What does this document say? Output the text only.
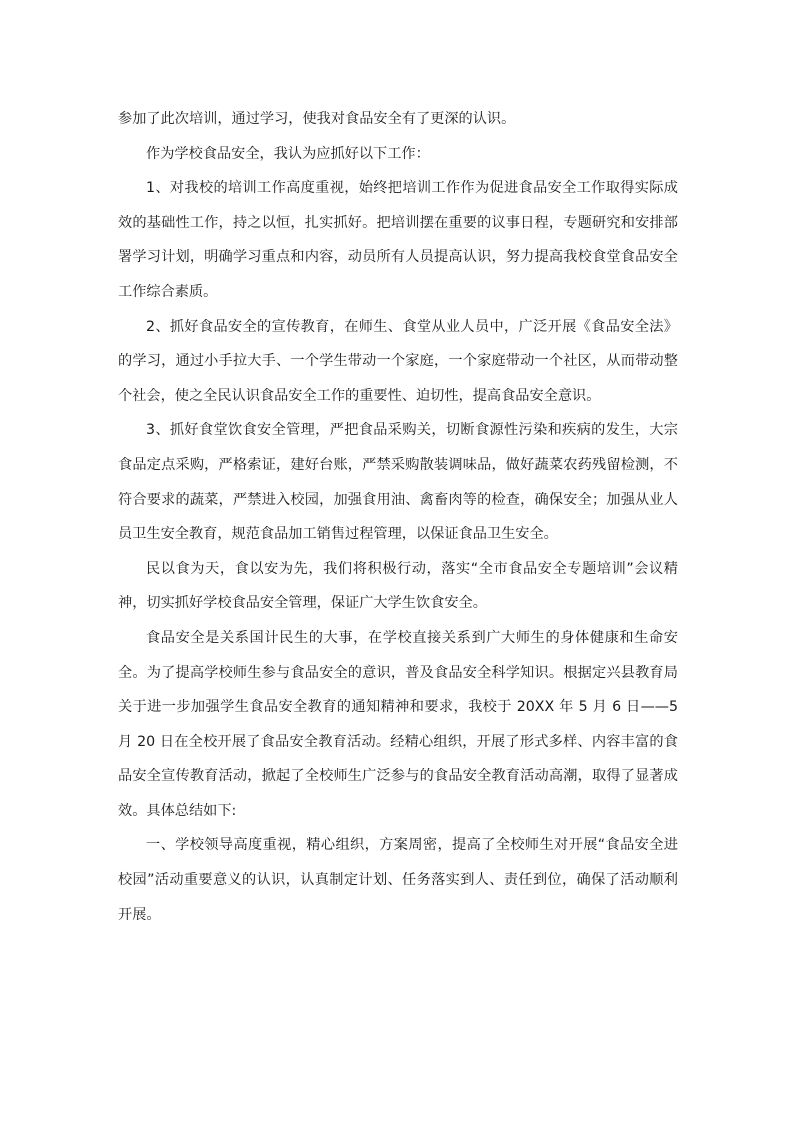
参加了此次培训，通过学习，使我对食品安全有了更深的认识。

作为学校食品安全，我认为应抓好以下工作：

1、对我校的培训工作高度重视，始终把培训工作作为促进食品安全工作取得实际成效的基础性工作，持之以恒，扎实抓好。把培训摆在重要的议事日程，专题研究和安排部署学习计划，明确学习重点和内容，动员所有人员提高认识，努力提高我校食堂食品安全工作综合素质。

2、抓好食品安全的宣传教育，在师生、食堂从业人员中，广泛开展《食品安全法》的学习，通过小手拉大手、一个学生带动一个家庭，一个家庭带动一个社区，从而带动整个社会，使之全民认识食品安全工作的重要性、迫切性，提高食品安全意识。

3、抓好食堂饮食安全管理，严把食品采购关，切断食源性污染和疾病的发生，大宗食品定点采购，严格索证，建好台账，严禁采购散装调味品，做好蔬菜农药残留检测，不符合要求的蔬菜，严禁进入校园，加强食用油、禽畜肉等的检查，确保安全；加强从业人员卫生安全教育，规范食品加工销售过程管理，以保证食品卫生安全。

民以食为天，食以安为先，我们将积极行动，落实“全市食品安全专题培训”会议精神，切实抓好学校食品安全管理，保证广大学生饮食安全。

食品安全是关系国计民生的大事，在学校直接关系到广大师生的身体健康和生命安全。为了提高学校师生参与食品安全的意识，普及食品安全科学知识。根据定兴县教育局关于进一步加强学生食品安全教育的通知精神和要求，我校于 20XX 年 5 月 6 日——5 月 20 日在全校开展了食品安全教育活动。经精心组织，开展了形式多样、内容丰富的食品安全宣传教育活动，掀起了全校师生广泛参与的食品安全教育活动高潮，取得了显著成效。具体总结如下:

一、学校领导高度重视，精心组织，方案周密，提高了全校师生对开展“食品安全进校园”活动重要意义的认识，认真制定计划、任务落实到人、责任到位，确保了活动顺利开展。
